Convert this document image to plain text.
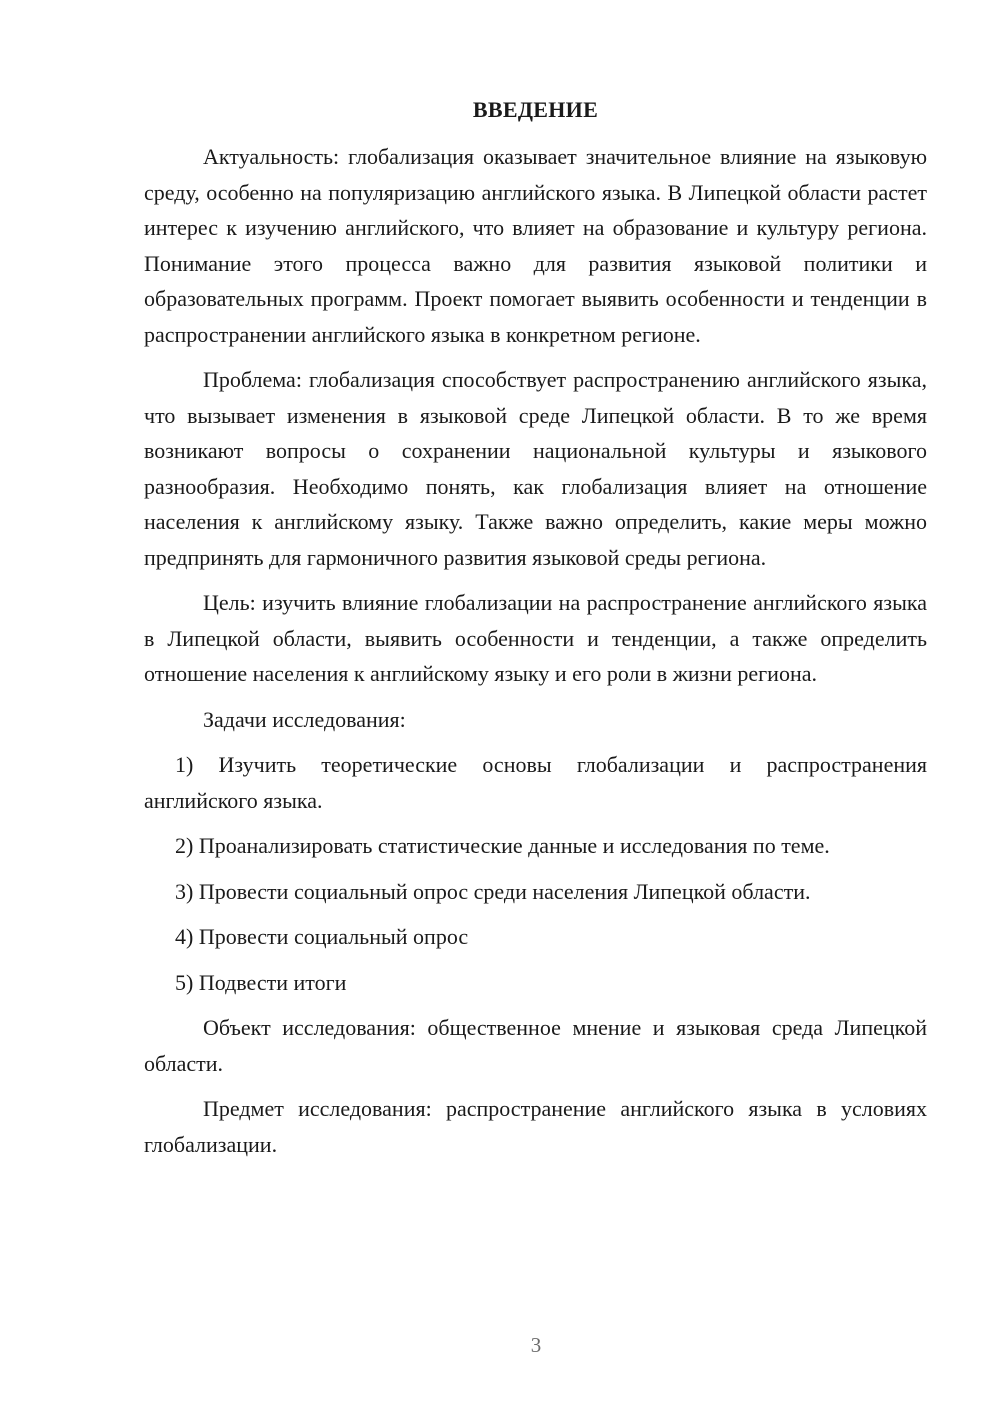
ВВЕДЕНИЕ

Актуальность: глобализация оказывает значительное влияние на языковую среду, особенно на популяризацию английского языка. В Липецкой области растет интерес к изучению английского, что влияет на образование и культуру региона. Понимание этого процесса важно для развития языковой политики и образовательных программ. Проект помогает выявить особенности и тенденции в распространении английского языка в конкретном регионе.

Проблема: глобализация способствует распространению английского языка, что вызывает изменения в языковой среде Липецкой области. В то же время возникают вопросы о сохранении национальной культуры и языкового разнообразия. Необходимо понять, как глобализация влияет на отношение населения к английскому языку. Также важно определить, какие меры можно предпринять для гармоничного развития языковой среды региона.

Цель: изучить влияние глобализации на распространение английского языка в Липецкой области, выявить особенности и тенденции, а также определить отношение населения к английскому языку и его роли в жизни региона.

Задачи исследования:

1) Изучить теоретические основы глобализации и распространения английского языка.

2) Проанализировать статистические данные и исследования по теме.

3) Провести социальный опрос среди населения Липецкой области.

4) Провести социальный опрос

5) Подвести итоги

Объект исследования: общественное мнение и языковая среда Липецкой области.

Предмет исследования: распространение английского языка в условиях глобализации.

3
